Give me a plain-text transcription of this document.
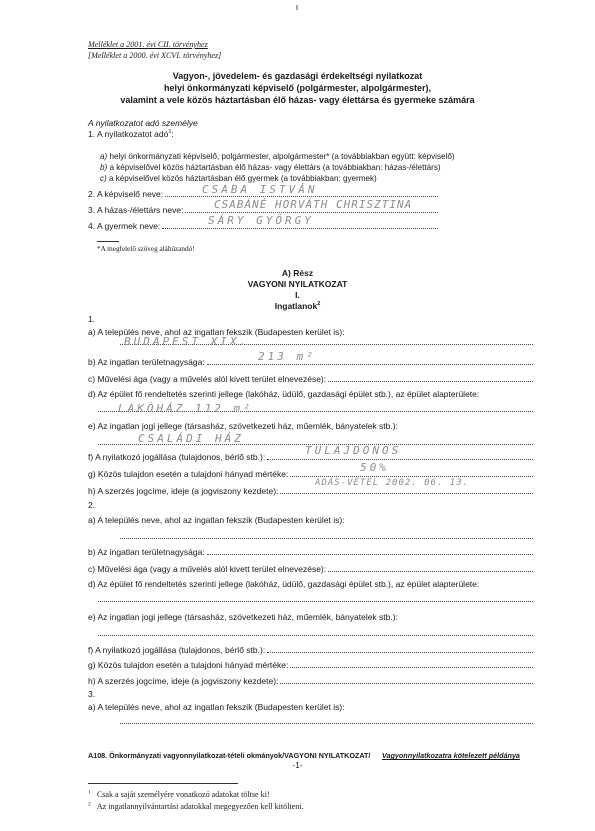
ι
Melléklet a 2001. évi CII. törvényhez
[Melléklet a 2000. évi XCVI. törvényhez]
Vagyon-, jövedelem- és gazdasági érdekeltségi nyilatkozat
helyi önkormányzati képviselő (polgármester, alpolgármester),
valamint a vele közös háztartásban élő házas- vagy élettársa és gyermeke számára
A nyilatkozatot adó személye
1. A nyilatkozatot adó$^1$:
a) helyi önkormányzati képviselő, polgármester, alpolgármester* (a továbbiakban együtt: képviselő)
b) a képviselővel közös háztartásban élő házas- vagy élettárs (a továbbiakban: házas-/élettárs)
c) a képviselővel közös háztartásban élő gyermek (a továbbiakban: gyermek)
2. A képviselő neve:	CSABA ISTVÁN
3. A házas-/élettárs neve:	CSABÁNÉ HORVÁTH CHRISZTINA
4. A gyermek neve:	SÁRY GYÖRGY
*A megfelelő szöveg aláhúzandó!
A) Rész
VAGYONI NYILATKOZAT
I.
Ingatlanok$^2$
1.
a) A település neve, ahol az ingatlan fekszik (Budapesten kerület is):
BUDAPEST XIX.
b) Az ingatlan területnagysága:	213 m²
c) Művelési ága (vagy a művelés alól kivett terület elnevezése):
d) Az épület fő rendeltetés szerinti jellege (lakóház, üdülő, gazdasági épület stb.), az épület alapterülete:
LAKÓHÁZ 112 m²
e) Az ingatlan jogi jellege (társasház, szövetkezeti ház, műemlék, bányatelek stb.):
CSALÁDI HÁZ
f) A nyilatkozó jogállása (tulajdonos, bérlő stb.):	TULAJDONOS
g) Közös tulajdon esetén a tulajdoni hányad mértéke:	50%
h) A szerzés jogcíme, ideje (a jogviszony kezdete):
ADÁS-VÉTEL 2002. 06. 13.
2.
a) A település neve, ahol az ingatlan fekszik (Budapesten kerület is):
b) Az ingatlan területnagysága:
c) Művelési ága (vagy a művelés alól kivett terület elnevezése):
d) Az épület fő rendeltetés szerinti jellege (lakóház, üdülő, gazdasági épület stb.), az épület alapterülete:
e) Az ingatlan jogi jellege (társasház, szövetkezeti ház, műemlék, bányatelek stb.):
f) A nyilatkozó jogállása (tulajdonos, bérlő stb.):
g) Közös tulajdon esetén a tulajdoni hányad mértéke:
h) A szerzés jogcíme, ideje (a jogviszony kezdete):
3.
a) A település neve, ahol az ingatlan fekszik (Budapesten kerület is):
A108. Önkormányzati vagyonnyilatkozat-tételi okmányok/VAGYONI NYILATKOZAT/ Vagyonnyilatkozatra kötelezett példánya
-1-
$^1$ Csak a saját személyére vonatkozó adatokat töltse ki!
$^2$ Az ingatlannyilvántartási adatokkal megegyezően kell kitölteni.
